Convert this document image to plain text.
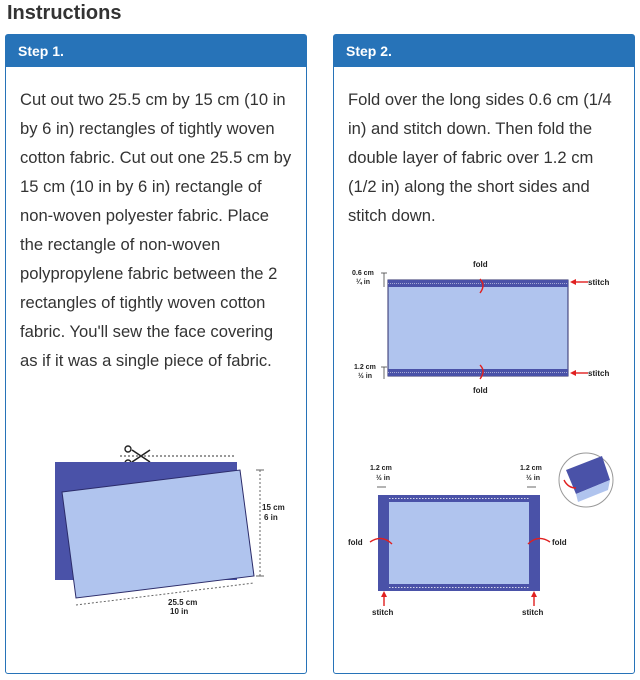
Instructions
Step 1.

Cut out two 25.5 cm by 15 cm (10 in by 6 in) rectangles of tightly woven cotton fabric. Cut out one 25.5 cm by 15 cm (10 in by 6 in) rectangle of non-woven polyester fabric. Place the rectangle of non-woven polypropylene fabric between the 2 rectangles of tightly woven cotton fabric. You'll sew the face covering as if it was a single piece of fabric.

15 cm
6 in
25.5 cm
10 in
Step 2.

Fold over the long sides 0.6 cm (1/4 in) and stitch down. Then fold the double layer of fabric over 1.2 cm (1/2 in) along the short sides and stitch down.

fold
0.6 cm
¼ in
1.2 cm
½ in
stitch
stitch
fold
1.2 cm
½ in
1.2 cm
½ in
fold	fold
stitch	stitch
